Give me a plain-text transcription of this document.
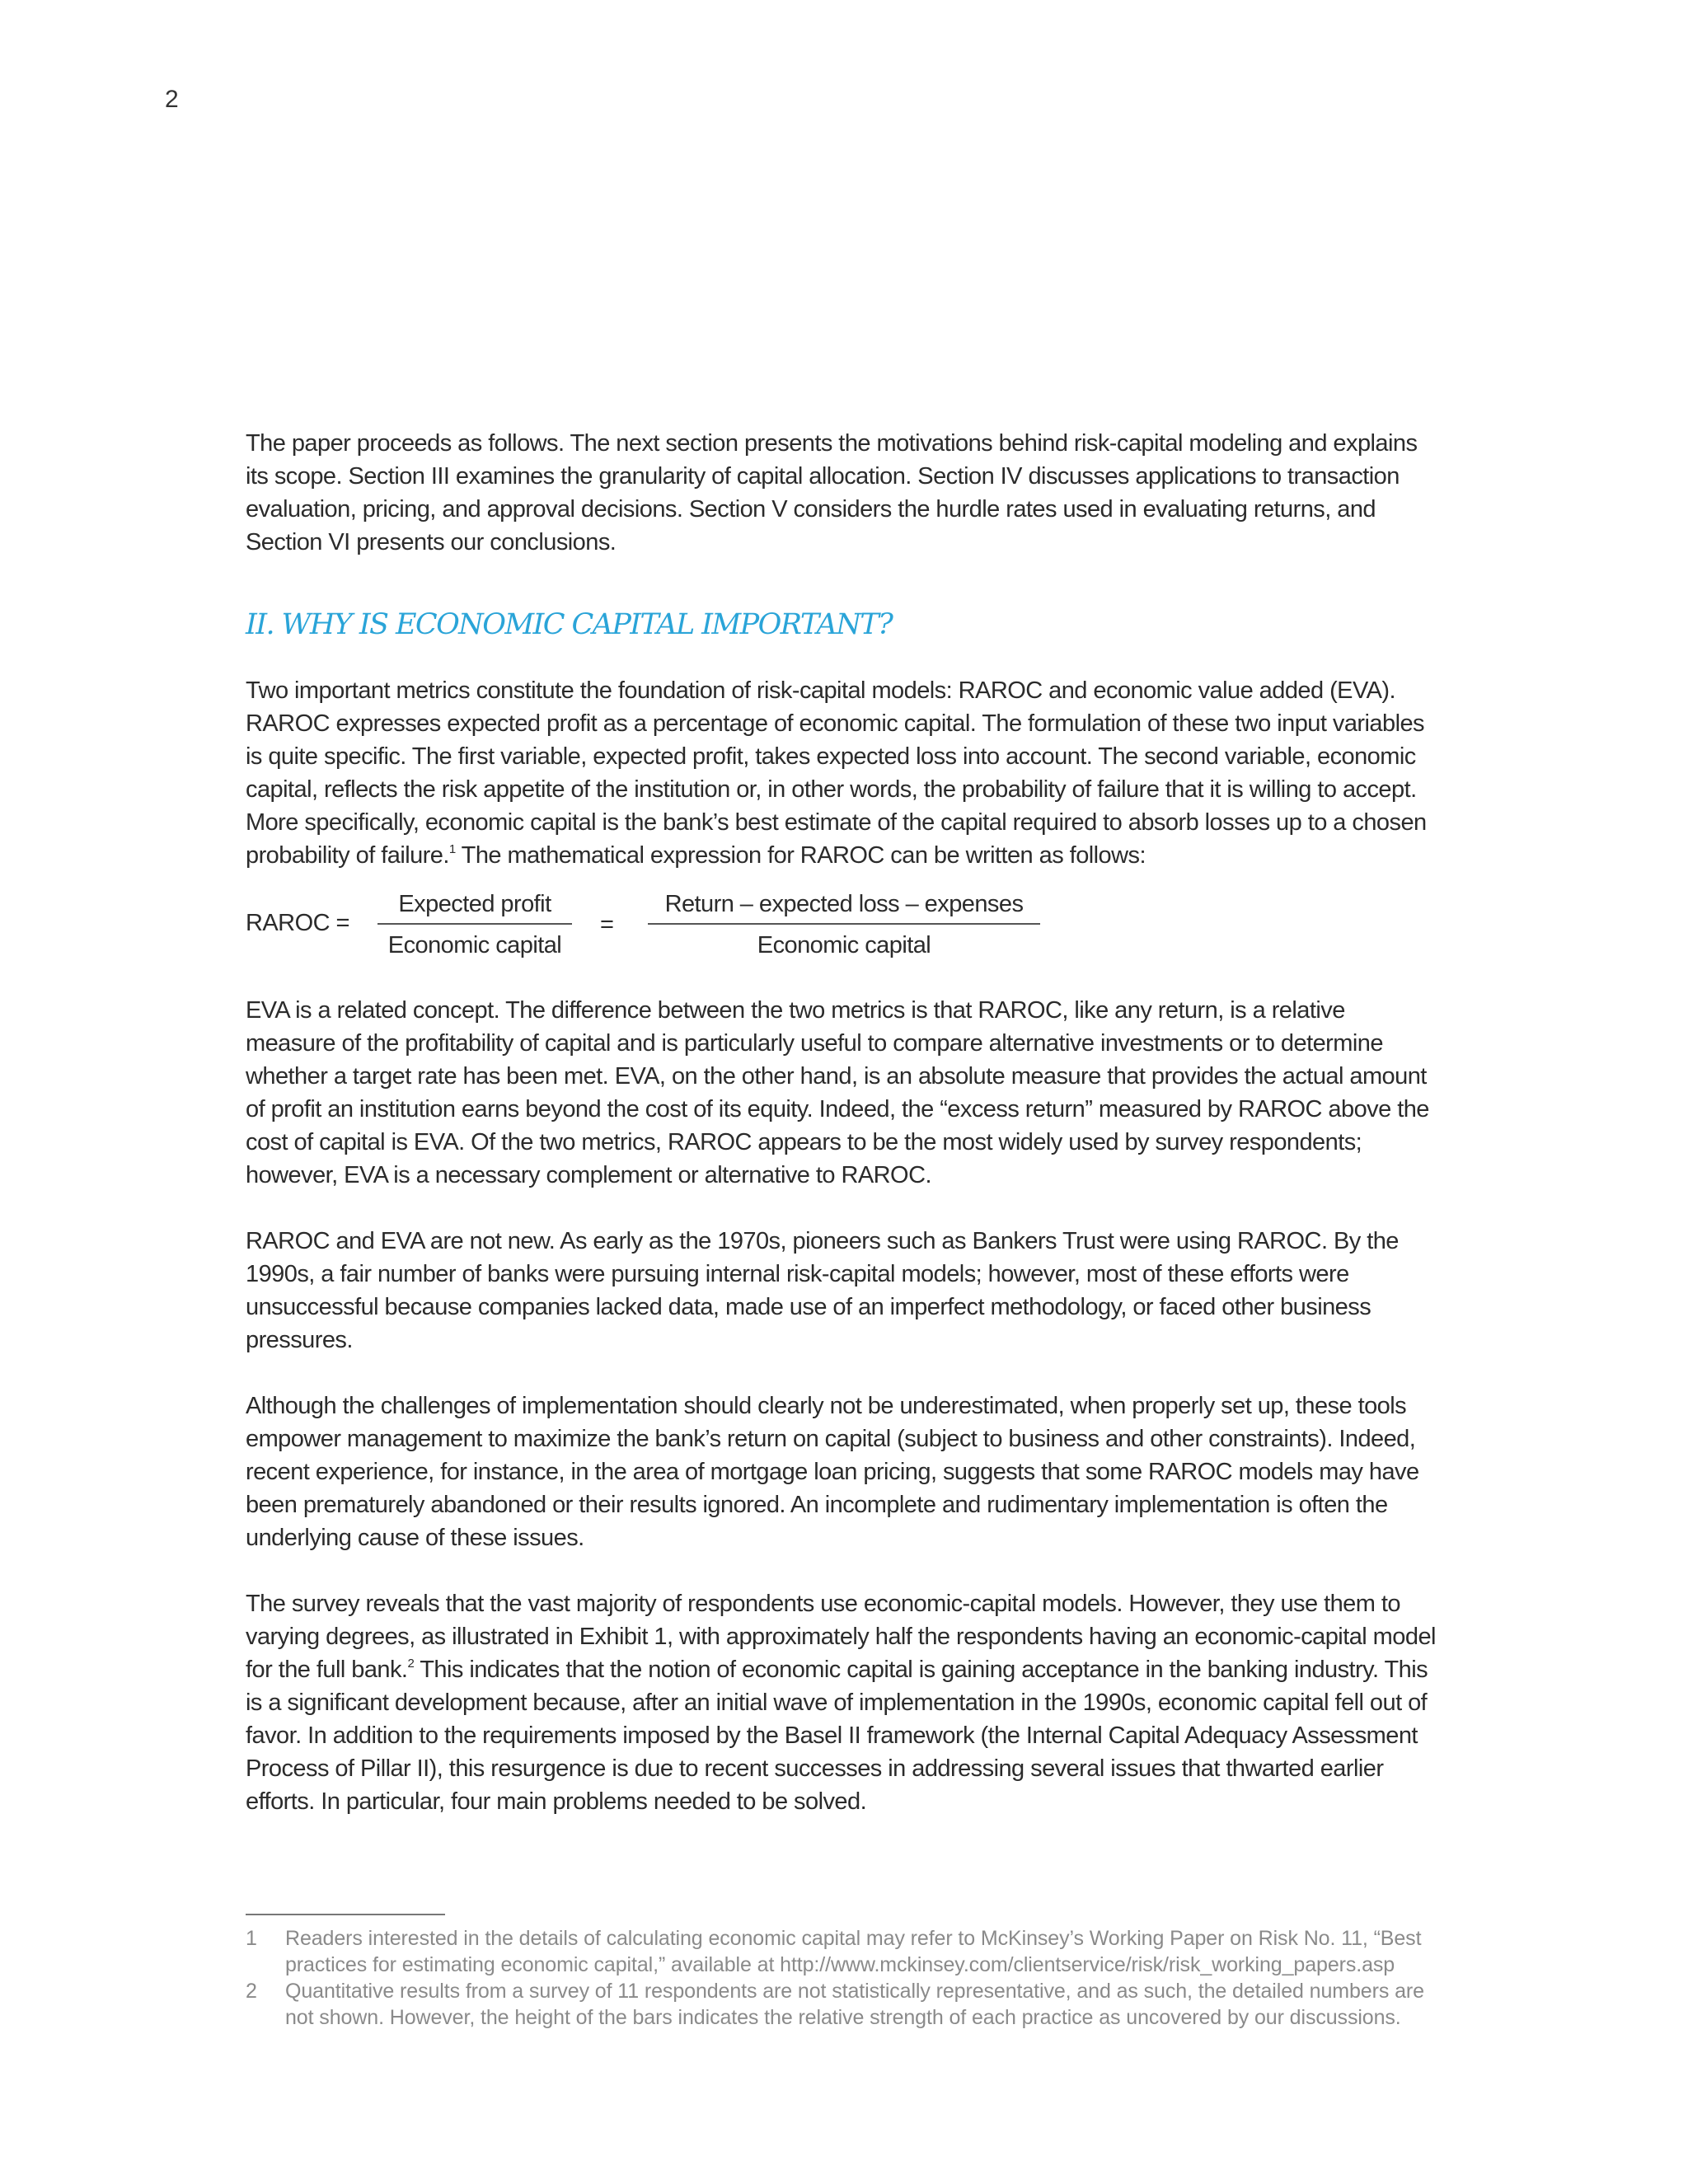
2

The paper proceeds as follows. The next section presents the motivations behind risk-capital modeling and explains its scope. Section III examines the granularity of capital allocation. Section IV discusses applications to transaction evaluation, pricing, and approval decisions. Section V considers the hurdle rates used in evaluating returns, and Section VI presents our conclusions.

II. WHY IS ECONOMIC CAPITAL IMPORTANT?

Two important metrics constitute the foundation of risk-capital models: RAROC and economic value added (EVA). RAROC expresses expected profit as a percentage of economic capital. The formulation of these two input variables is quite specific. The first variable, expected profit, takes expected loss into account. The second variable, economic capital, reflects the risk appetite of the institution or, in other words, the probability of failure that it is willing to accept. More specifically, economic capital is the bank’s best estimate of the capital required to absorb losses up to a chosen probability of failure.$^1$ The mathematical expression for RAROC can be written as follows:

RAROC =
Expected profit
Economic capital
=
Return – expected loss – expenses
Economic capital

EVA is a related concept. The difference between the two metrics is that RAROC, like any return, is a relative measure of the profitability of capital and is particularly useful to compare alternative investments or to determine whether a target rate has been met. EVA, on the other hand, is an absolute measure that provides the actual amount of profit an institution earns beyond the cost of its equity. Indeed, the “excess return” measured by RAROC above the cost of capital is EVA. Of the two metrics, RAROC appears to be the most widely used by survey respondents; however, EVA is a necessary complement or alternative to RAROC.

RAROC and EVA are not new. As early as the 1970s, pioneers such as Bankers Trust were using RAROC. By the 1990s, a fair number of banks were pursuing internal risk-capital models; however, most of these efforts were unsuccessful because companies lacked data, made use of an imperfect methodology, or faced other business pressures.

Although the challenges of implementation should clearly not be underestimated, when properly set up, these tools empower management to maximize the bank’s return on capital (subject to business and other constraints). Indeed, recent experience, for instance, in the area of mortgage loan pricing, suggests that some RAROC models may have been prematurely abandoned or their results ignored. An incomplete and rudimentary implementation is often the underlying cause of these issues.

The survey reveals that the vast majority of respondents use economic-capital models. However, they use them to varying degrees, as illustrated in Exhibit 1, with approximately half the respondents having an economic-capital model for the full bank.$^2$ This indicates that the notion of economic capital is gaining acceptance in the banking industry. This is a significant development because, after an initial wave of implementation in the 1990s, economic capital fell out of favor. In addition to the requirements imposed by the Basel II framework (the Internal Capital Adequacy Assessment Process of Pillar II), this resurgence is due to recent successes in addressing several issues that thwarted earlier efforts. In particular, four main problems needed to be solved.

1	Readers interested in the details of calculating economic capital may refer to McKinsey’s Working Paper on Risk No. 11, “Best practices for estimating economic capital,” available at http://www.mckinsey.com/clientservice/risk/risk_working_papers.asp
2	Quantitative results from a survey of 11 respondents are not statistically representative, and as such, the detailed numbers are not shown. However, the height of the bars indicates the relative strength of each practice as uncovered by our discussions.
